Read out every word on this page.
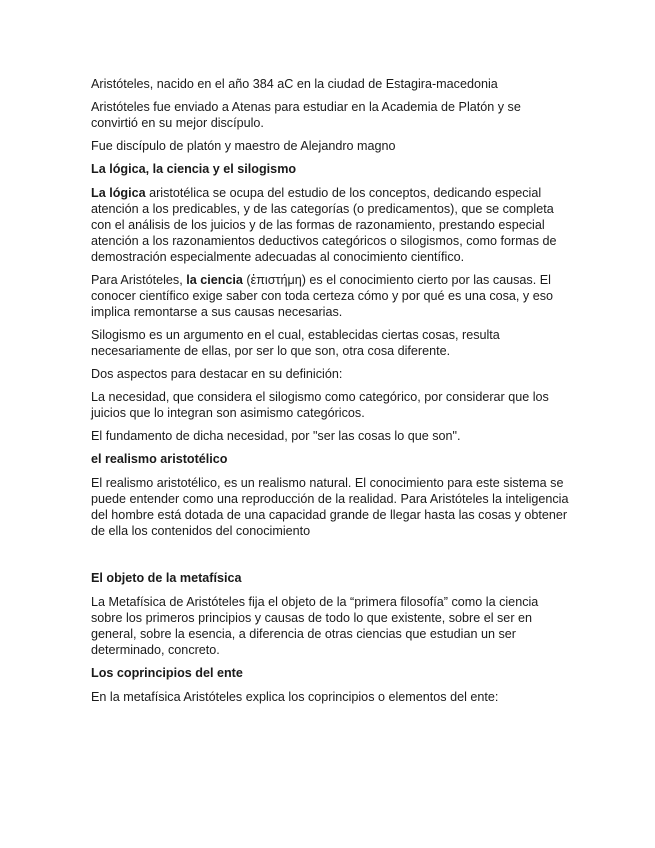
Aristóteles, nacido en el año 384 aC en la ciudad de Estagira-macedonia

Aristóteles fue enviado a Atenas para estudiar en la Academia de Platón y se convirtió en su mejor discípulo.

Fue discípulo de platón y maestro de Alejandro magno

La lógica, la ciencia y el silogismo

La lógica aristotélica se ocupa del estudio de los conceptos, dedicando especial atención a los predicables, y de las categorías (o predicamentos), que se completa con el análisis de los juicios y de las formas de razonamiento, prestando especial atención a los razonamientos deductivos categóricos o silogismos, como formas de demostración especialmente adecuadas al conocimiento científico.

Para Aristóteles, la ciencia (ἐπιστήμη) es el conocimiento cierto por las causas. El conocer científico exige saber con toda certeza cómo y por qué es una cosa, y eso implica remontarse a sus causas necesarias.

Silogismo es un argumento en el cual, establecidas ciertas cosas, resulta necesariamente de ellas, por ser lo que son, otra cosa diferente.

Dos aspectos para destacar en su definición:

La necesidad, que considera el silogismo como categórico, por considerar que los juicios que lo integran son asimismo categóricos.

El fundamento de dicha necesidad, por "ser las cosas lo que son".

el realismo aristotélico

El realismo aristotélico, es un realismo natural. El conocimiento para este sistema se puede entender como una reproducción de la realidad. Para Aristóteles la inteligencia del hombre está dotada de una capacidad grande de llegar hasta las cosas y obtener de ella los contenidos del conocimiento

El objeto de la metafísica

La Metafísica de Aristóteles fija el objeto de la “primera filosofía” como la ciencia sobre los primeros principios y causas de todo lo que existente, sobre el ser en general, sobre la esencia, a diferencia de otras ciencias que estudian un ser determinado, concreto.

Los coprincipios del ente

En la metafísica Aristóteles explica los coprincipios o elementos del ente:
